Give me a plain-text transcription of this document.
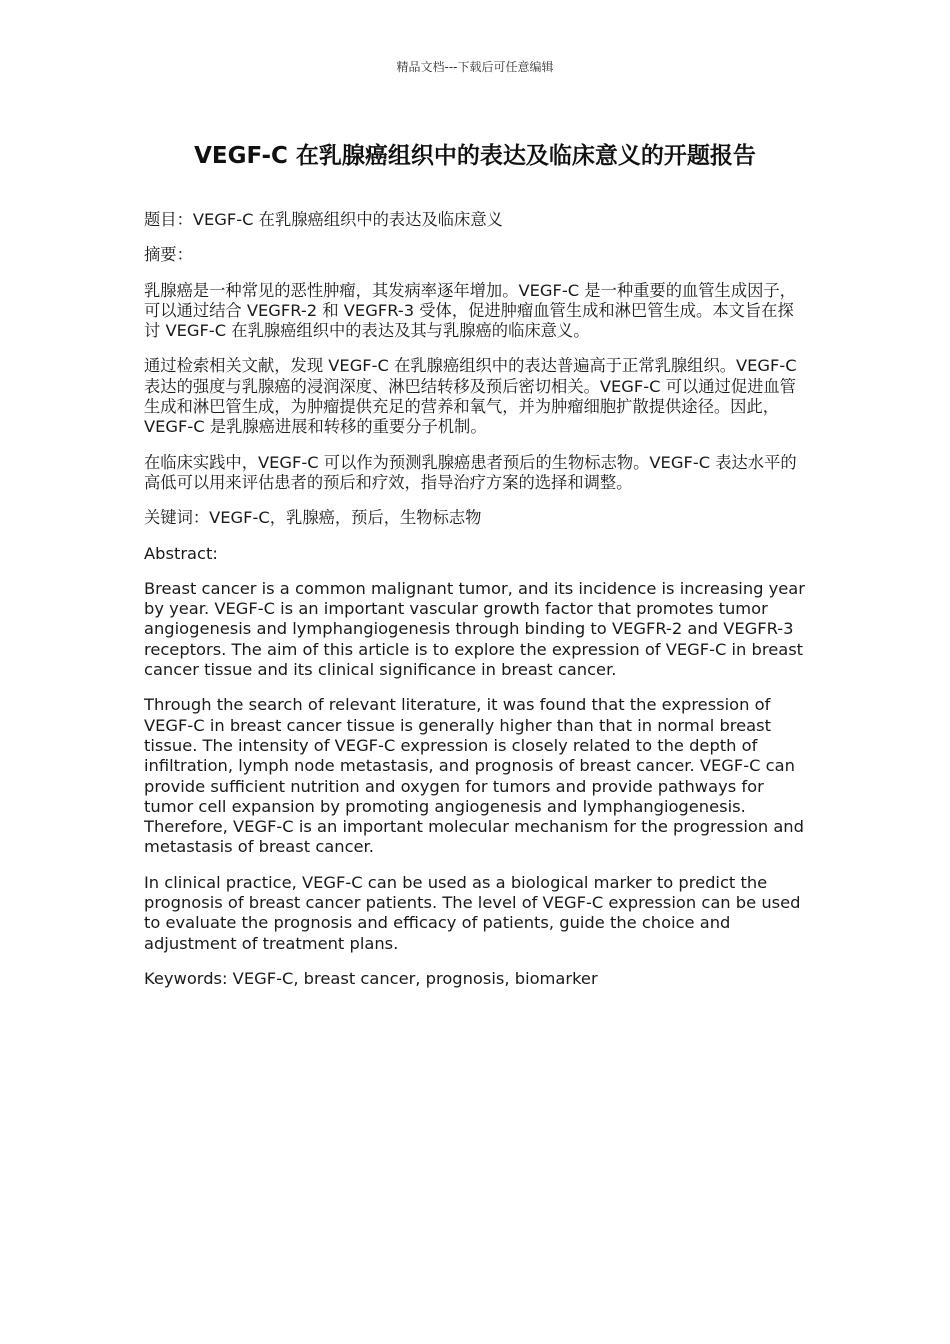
精品文档---下载后可任意编辑
VEGF-C 在乳腺癌组织中的表达及临床意义的开题报告

题目：VEGF-C 在乳腺癌组织中的表达及临床意义

摘要：

乳腺癌是一种常见的恶性肿瘤，其发病率逐年增加。VEGF-C 是一种重要的血管生成因子，可以通过结合 VEGFR-2 和 VEGFR-3 受体，促进肿瘤血管生成和淋巴管生成。本文旨在探讨 VEGF-C 在乳腺癌组织中的表达及其与乳腺癌的临床意义。

通过检索相关文献，发现 VEGF-C 在乳腺癌组织中的表达普遍高于正常乳腺组织。VEGF-C 表达的强度与乳腺癌的浸润深度、淋巴结转移及预后密切相关。VEGF-C 可以通过促进血管生成和淋巴管生成，为肿瘤提供充足的营养和氧气，并为肿瘤细胞扩散提供途径。因此，VEGF-C 是乳腺癌进展和转移的重要分子机制。

在临床实践中，VEGF-C 可以作为预测乳腺癌患者预后的生物标志物。VEGF-C 表达水平的高低可以用来评估患者的预后和疗效，指导治疗方案的选择和调整。

关键词：VEGF-C，乳腺癌，预后，生物标志物

Abstract:

Breast cancer is a common malignant tumor, and its incidence is increasing year by year. VEGF-C is an important vascular growth factor that promotes tumor angiogenesis and lymphangiogenesis through binding to VEGFR-2 and VEGFR-3 receptors. The aim of this article is to explore the expression of VEGF-C in breast cancer tissue and its clinical significance in breast cancer.

Through the search of relevant literature, it was found that the expression of VEGF-C in breast cancer tissue is generally higher than that in normal breast tissue. The intensity of VEGF-C expression is closely related to the depth of infiltration, lymph node metastasis, and prognosis of breast cancer. VEGF-C can provide sufficient nutrition and oxygen for tumors and provide pathways for tumor cell expansion by promoting angiogenesis and lymphangiogenesis. Therefore, VEGF-C is an important molecular mechanism for the progression and metastasis of breast cancer.

In clinical practice, VEGF-C can be used as a biological marker to predict the prognosis of breast cancer patients. The level of VEGF-C expression can be used to evaluate the prognosis and efficacy of patients, guide the choice and adjustment of treatment plans.

Keywords: VEGF-C, breast cancer, prognosis, biomarker
